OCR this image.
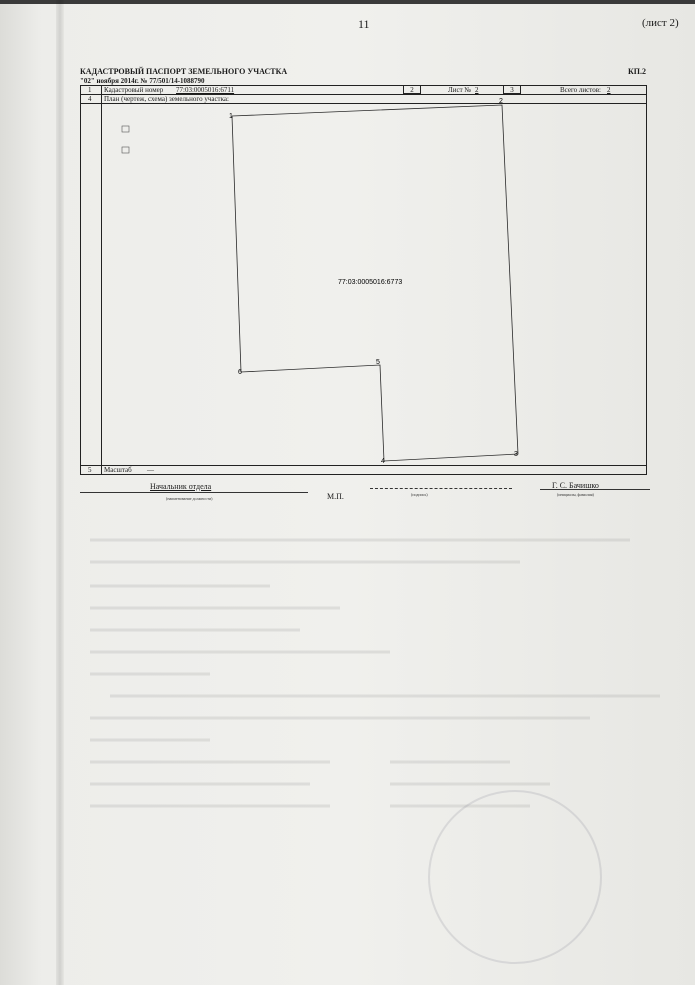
11	(лист 2)
КАДАСТРОВЫЙ ПАСПОРТ ЗЕМЕЛЬНОГО УЧАСТКА
"02" ноября 2014г. № 77/501/14-1088790
КП.2
1 Кадастровый номер 77:03:0005016:6711	2	Лист № 2	3	Всего листов: 2
4 План (чертеж, схема) земельного участка:
1
2
3
4
5
6
77:03:0005016:6773
5 Масштаб —
Начальник отдела
(наименование должности)	М.П.	(подпись)
Г. С. Бачишко
(инициалы, фамилия)
